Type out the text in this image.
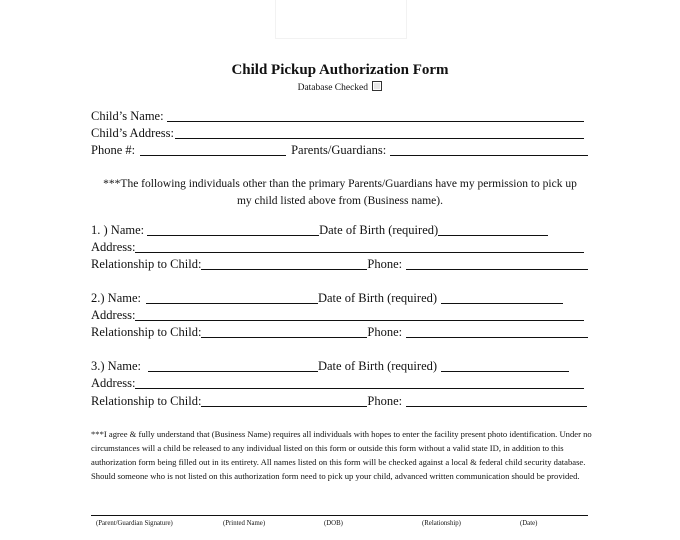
Child Pickup Authorization Form
Database Checked
Child’s Name:
Child’s Address:
Phone #:	Parents/Guardians:
***The following individuals other than the primary Parents/Guardians have my permission to pick up
my child listed above from (Business name).
1. ) Name:	Date of Birth (required)
Address:
Relationship to Child:	Phone:
2.) Name:	Date of Birth (required)
Address:
Relationship to Child:	Phone:
3.) Name:	Date of Birth (required)
Address:
Relationship to Child:	Phone:
***I agree & fully understand that (Business Name) requires all individuals with hopes to enter the facility present photo identification. Under no circumstances will a child be released to any individual listed on this form or outside this form without a valid state ID, in addition to this authorization form being filled out in its entirety. All names listed on this form will be checked against a local & federal child security database. Should someone who is not listed on this authorization form need to pick up your child, advanced written communication should be provided.
(Parent/Guardian Signature)	(Printed Name)	(DOB)	(Relationship)	(Date)
